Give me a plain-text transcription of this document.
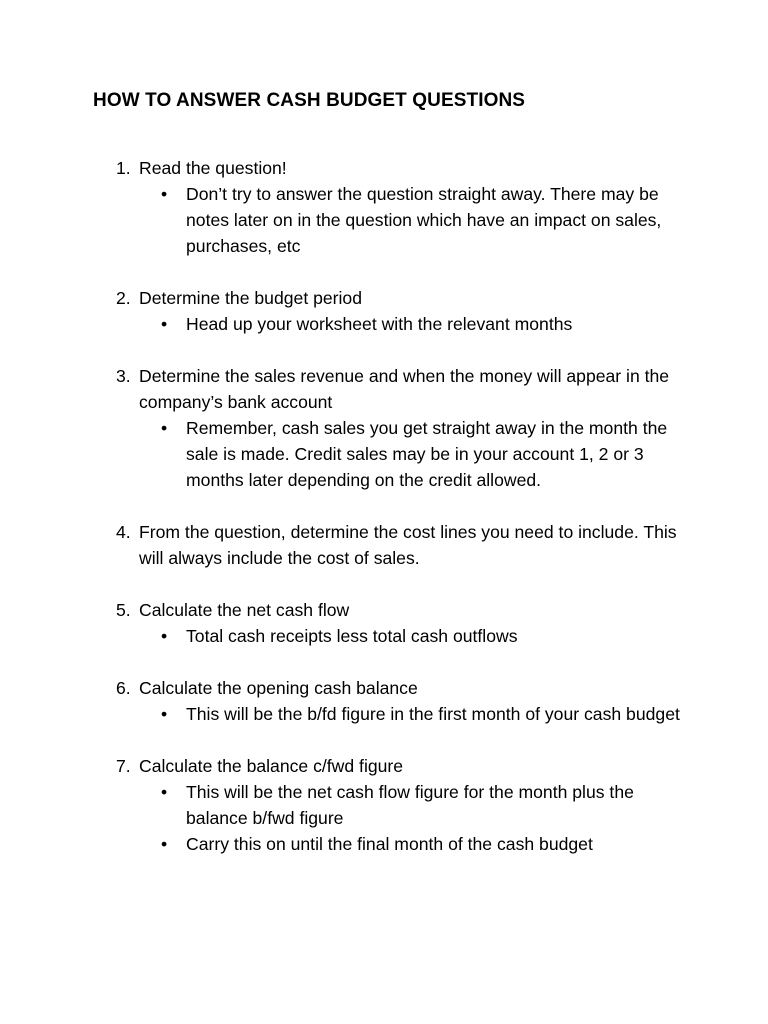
HOW TO ANSWER CASH BUDGET QUESTIONS
1. Read the question!
• Don’t try to answer the question straight away. There may be notes later on in the question which have an impact on sales, purchases, etc
2. Determine the budget period
• Head up your worksheet with the relevant months
3. Determine the sales revenue and when the money will appear in the company’s bank account
• Remember, cash sales you get straight away in the month the sale is made. Credit sales may be in your account 1, 2 or 3 months later depending on the credit allowed.
4. From the question, determine the cost lines you need to include. This will always include the cost of sales.
5. Calculate the net cash flow
• Total cash receipts less total cash outflows
6. Calculate the opening cash balance
• This will be the b/fd figure in the first month of your cash budget
7. Calculate the balance c/fwd figure
• This will be the net cash flow figure for the month plus the balance b/fwd figure
• Carry this on until the final month of the cash budget
